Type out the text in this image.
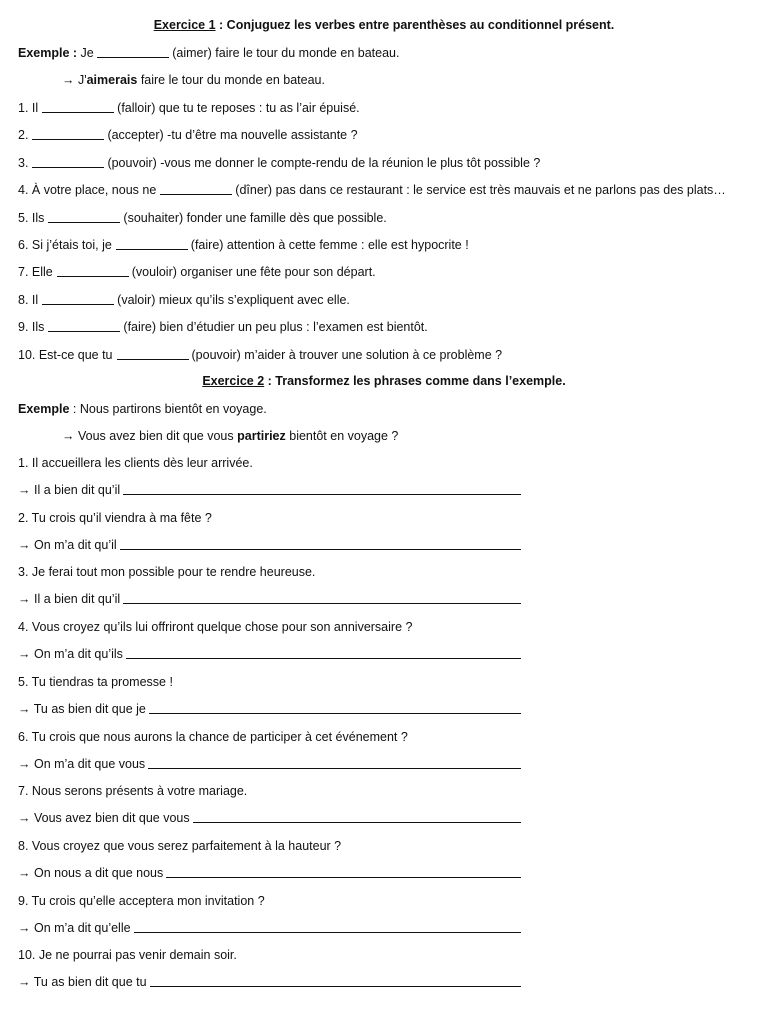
Exercice 1 : Conjuguez les verbes entre parenthèses au conditionnel présent.
Exemple : Je	(aimer) faire le tour du monde en bateau.
→ J'aimerais faire le tour du monde en bateau.
1. Il	(falloir) que tu te reposes : tu as l’air épuisé.
2.	(accepter) -tu d’être ma nouvelle assistante ?
3.	(pouvoir) -vous me donner le compte-rendu de la réunion le plus tôt possible ?
4. À votre place, nous ne	(dîner) pas dans ce restaurant : le service est très mauvais et ne parlons pas des plats…
5. Ils	(souhaiter) fonder une famille dès que possible.
6. Si j’étais toi, je	(faire) attention à cette femme : elle est hypocrite !
7. Elle	(vouloir) organiser une fête pour son départ.
8. Il	(valoir) mieux qu’ils s’expliquent avec elle.
9. Ils	(faire) bien d’étudier un peu plus : l’examen est bientôt.
10. Est-ce que tu	(pouvoir) m’aider à trouver une solution à ce problème ?
Exercice 2 : Transformez les phrases comme dans l’exemple.
Exemple : Nous partirons bientôt en voyage.
→ Vous avez bien dit que vous partiriez bientôt en voyage ?
1. Il accueillera les clients dès leur arrivée.
→ Il a bien dit qu’il
2. Tu crois qu’il viendra à ma fête ?
→ On m’a dit qu’il
3. Je ferai tout mon possible pour te rendre heureuse.
→ Il a bien dit qu’il
4. Vous croyez qu’ils lui offriront quelque chose pour son anniversaire ?
→ On m’a dit qu’ils
5. Tu tiendras ta promesse !
→ Tu as bien dit que je
6. Tu crois que nous aurons la chance de participer à cet événement ?
→ On m’a dit que vous
7. Nous serons présents à votre mariage.
→ Vous avez bien dit que vous
8. Vous croyez que vous serez parfaitement à la hauteur ?
→ On nous a dit que nous
9. Tu crois qu’elle acceptera mon invitation ?
→ On m’a dit qu’elle
10. Je ne pourrai pas venir demain soir.
→ Tu as bien dit que tu
